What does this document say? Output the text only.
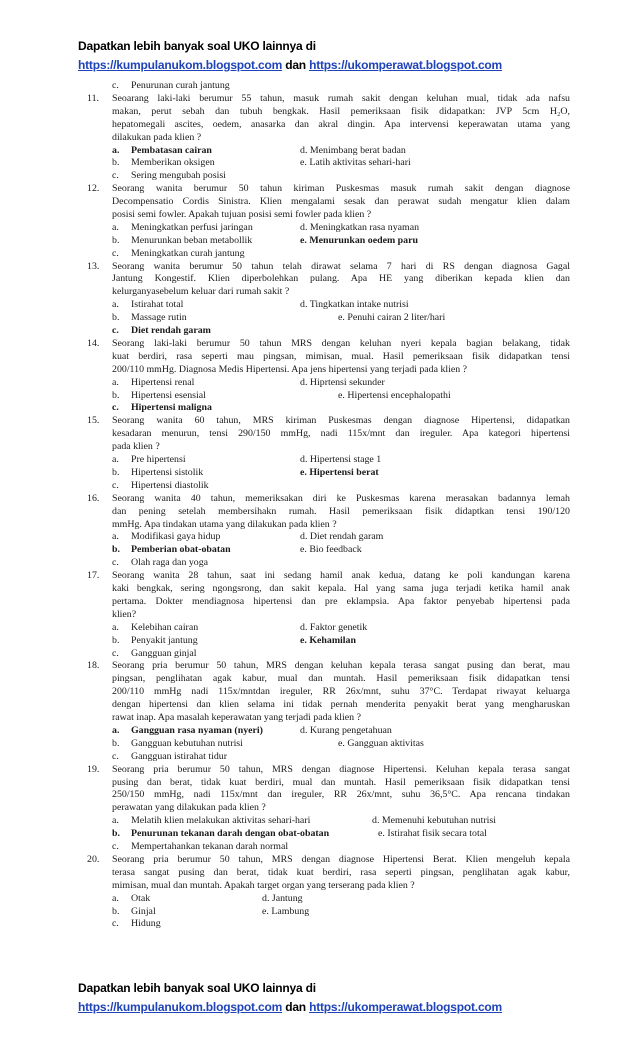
Dapatkan lebih banyak soal UKO lainnya di
https://kumpulanukom.blogspot.com dan https://ukomperawat.blogspot.com
c. Penurunan curah jantung
11. Seoarang laki-laki berumur 55 tahun, masuk rumah sakit dengan keluhan mual, tidak ada nafsu
makan, perut sebah dan tubuh bengkak. Hasil pemeriksaan fisik didapatkan: JVP 5cm H₂O,
hepatomegali ascites, oedem, anasarka dan akral dingin. Apa intervensi keperawatan utama yang
dilakukan pada klien ?
a. Pembatasan cairan	d. Menimbang berat badan
b. Memberikan oksigen	e. Latih aktivitas sehari-hari
c. Sering mengubah posisi
12. Seorang wanita berumur 50 tahun kiriman Puskesmas masuk rumah sakit dengan diagnose
Decompensatio Cordis Sinistra. Klien mengalami sesak dan perawat sudah mengatur klien dalam
posisi semi fowler. Apakah tujuan posisi semi fowler pada klien ?
a. Meningkatkan perfusi jaringan	d. Meningkatkan rasa nyaman
b. Menurunkan beban metabollik	e. Menurunkan oedem paru
c. Meningkatkan curah jantung
13. Seorang wanita berumur 50 tahun telah dirawat selama 7 hari di RS dengan diagnosa Gagal
Jantung Kongestif. Klien diperbolehkan pulang. Apa HE yang diberikan kepada klien dan
kelurganyasebelum keluar dari rumah sakit ?
a. Istirahat total	d. Tingkatkan intake nutrisi
b. Massage rutin	e. Penuhi cairan 2 liter/hari
c. Diet rendah garam
14. Seorang laki-laki berumur 50 tahun MRS dengan keluhan nyeri kepala bagian belakang, tidak
kuat berdiri, rasa seperti mau pingsan, mimisan, mual. Hasil pemeriksaan fisik didapatkan tensi
200/110 mmHg. Diagnosa Medis Hipertensi. Apa jens hipertensi yang terjadi pada klien ?
a. Hipertensi renal	d. Hiprtensi sekunder
b. Hipertensi esensial	e. Hipertensi encephalopathi
c. Hipertensi maligna
15. Seorang wanita 60 tahun, MRS kiriman Puskesmas dengan diagnose Hipertensi, didapatkan
kesadaran menurun, tensi 290/150 mmHg, nadi 115x/mnt dan ireguler. Apa kategori hipertensi
pada klien ?
a. Pre hipertensi	d. Hipertensi stage 1
b. Hipertensi sistolik	e. Hipertensi berat
c. Hipertensi diastolik
16. Seorang wanita 40 tahun, memeriksakan diri ke Puskesmas karena merasakan badannya lemah
dan pening setelah membersihakn rumah. Hasil pemeriksaan fisik didaptkan tensi 190/120
mmHg. Apa tindakan utama yang dilakukan pada klien ?
a. Modifikasi gaya hidup	d. Diet rendah garam
b. Pemberian obat-obatan	e. Bio feedback
c. Olah raga dan yoga
17. Seorang wanita 28 tahun, saat ini sedang hamil anak kedua, datang ke poli kandungan karena
kaki bengkak, sering ngongsrong, dan sakit kepala. Hal yang sama juga terjadi ketika hamil anak
pertama. Dokter mendiagnosa hipertensi dan pre eklampsia. Apa faktor penyebab hipertensi pada
klien?
a. Kelebihan cairan	d. Faktor genetik
b. Penyakit jantung	e. Kehamilan
c. Gangguan ginjal
18. Seorang pria berumur 50 tahun, MRS dengan keluhan kepala terasa sangat pusing dan berat, mau
pingsan, penglihatan agak kabur, mual dan muntah. Hasil pemeriksaan fisik didapatkan tensi
200/110 mmHg nadi 115x/mntdan ireguler, RR 26x/mnt, suhu 37°C. Terdapat riwayat keluarga
dengan hipertensi dan klien selama ini tidak pernah menderita penyakit berat yang mengharuskan
rawat inap. Apa masalah keperawatan yang terjadi pada klien ?
a. Gangguan rasa nyaman (nyeri)	d. Kurang pengetahuan
b. Gangguan kebutuhan nutrisi	e. Gangguan aktivitas
c. Gangguan istirahat tidur
19. Seorang pria berumur 50 tahun, MRS dengan diagnose Hipertensi. Keluhan kepala terasa sangat
pusing dan berat, tidak kuat berdiri, mual dan muntah. Hasil pemeriksaan fisik didapatkan tensi
250/150 mmHg, nadi 115x/mnt dan ireguler, RR 26x/mnt, suhu 36,5°C. Apa rencana tindakan
perawatan yang dilakukan pada klien ?
a. Melatih klien melakukan aktivitas sehari-hari	d. Memenuhi kebutuhan nutrisi
b. Penurunan tekanan darah dengan obat-obatan	e. Istirahat fisik secara total
c. Mempertahankan tekanan darah normal
20. Seorang pria berumur 50 tahun, MRS dengan diagnose Hipertensi Berat. Klien mengeluh kepala
terasa sangat pusing dan berat, tidak kuat berdiri, rasa seperti pingsan, penglihatan agak kabur,
mimisan, mual dan muntah. Apakah target organ yang terserang pada klien ?
a. Otak	d. Jantung
b. Ginjal	e. Lambung
c. Hidung
Dapatkan lebih banyak soal UKO lainnya di
https://kumpulanukom.blogspot.com dan https://ukomperawat.blogspot.com
